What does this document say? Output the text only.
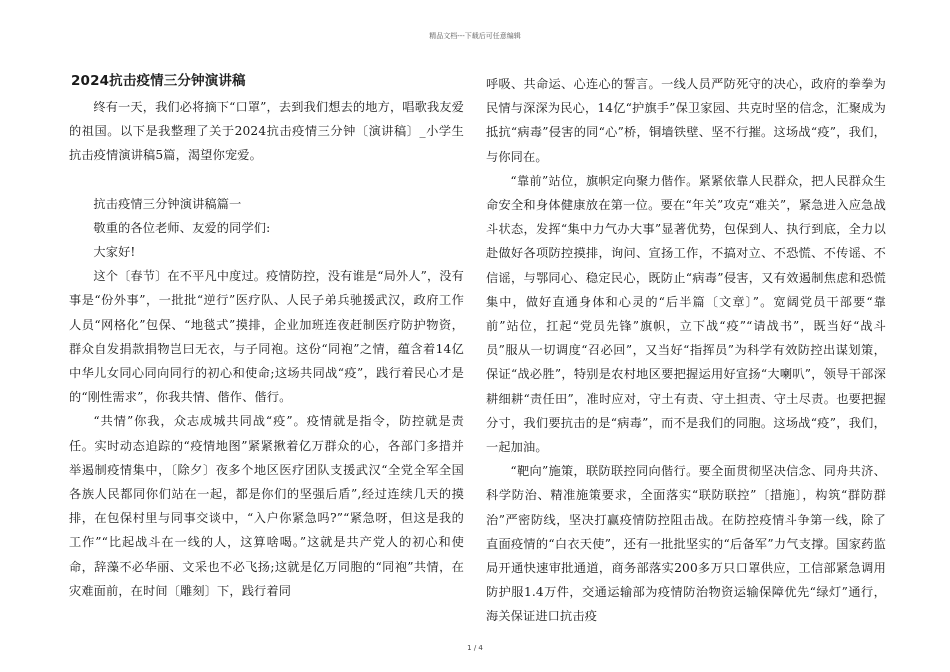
精品文档---下载后可任意编辑
2024抗击疫情三分钟演讲稿

终有一天，我们必将摘下“口罩”，去到我们想去的地方，唱歌我友爱的祖国。以下是我整理了关于2024抗击疫情三分钟〔演讲稿〕_小学生抗击疫情演讲稿5篇，渴望你宠爱。

抗击疫情三分钟演讲稿篇一

敬重的各位老师、友爱的同学们:

大家好!

这个〔春节〕在不平凡中度过。疫情防控，没有谁是“局外人”，没有事是“份外事”，一批批“逆行”医疗队、人民子弟兵驰援武汉，政府工作人员“网格化”包保、“地毯式”摸排，企业加班连夜赶制医疗防护物资，群众自发捐款捐物岂曰无衣，与子同袍。这份“同袍”之情，蕴含着14亿中华儿女同心同向同行的初心和使命;这场共同战“疫”，践行着民心才是的“刚性需求”，你我共情、偕作、偕行。

“共情”你我，众志成城共同战“疫”。疫情就是指令，防控就是责任。实时动态追踪的“疫情地图”紧紧揪着亿万群众的心，各部门多措并举遏制疫情集中，〔除夕〕夜多个地区医疗团队支援武汉“全党全军全国各族人民都同你们站在一起，都是你们的坚强后盾”,经过连续几天的摸排，在包保村里与同事交谈中，“入户你紧急吗?”“紧急呀，但这是我的工作”“比起战斗在一线的人，这算啥喝。”这就是共产党人的初心和使命，辞藻不必华丽、文采也不必飞扬;这就是亿万同胞的“同袍”共情，在灾难面前，在时间〔雕刻〕下，践行着同

呼吸、共命运、心连心的誓言。一线人员严防死守的决心，政府的拳拳为民情与深深为民心，14亿“护旗手”保卫家园、共克时坚的信念，汇聚成为抵抗“病毒”侵害的同“心”桥，铜墙铁壁、坚不行摧。这场战“疫”，我们，与你同在。

“靠前”站位，旗帜定向聚力偕作。紧紧依靠人民群众，把人民群众生命安全和身体健康放在第一位。要在“年关”攻克“难关”，紧急进入应急战斗状态，发挥“集中力气办大事”显著优势，包保到人、执行到底，全力以赴做好各项防控摸排，询问、宣扬工作，不搞对立、不恐慌、不传谣、不信谣，与鄂同心、稳定民心，既防止“病毒”侵害，又有效遏制焦虑和恐慌集中，做好直通身体和心灵的“后半篇〔文章〕”。宽阔党员干部要“靠前”站位，扛起“党员先锋”旗帜，立下战“疫”“请战书”，既当好“战斗员”服从一切调度“召必回”，又当好“指挥员”为科学有效防控出谋划策，保证“战必胜”，特别是农村地区要把握运用好宣扬“大喇叭”，领导干部深耕细耕“责任田”，准时应对，守土有责、守土担责、守土尽责。也要把握分寸，我们要抗击的是“病毒”，而不是我们的同胞。这场战“疫”，我们，一起加油。

“靶向”施策，联防联控同向偕行。要全面贯彻坚决信念、同舟共济、科学防治、精准施策要求，全面落实“联防联控”〔措施〕，构筑“群防群治”严密防线，坚决打赢疫情防控阻击战。在防控疫情斗争第一线，除了直面疫情的“白衣天使”，还有一批批坚实的“后备军”力气支撑。国家药监局开通快速审批通道，商务部落实200多万只口罩供应，工信部紧急调用防护服1.4万件，交通运输部为疫情防治物资运输保障优先“绿灯”通行，海关保证进口抗击疫

1 / 4
